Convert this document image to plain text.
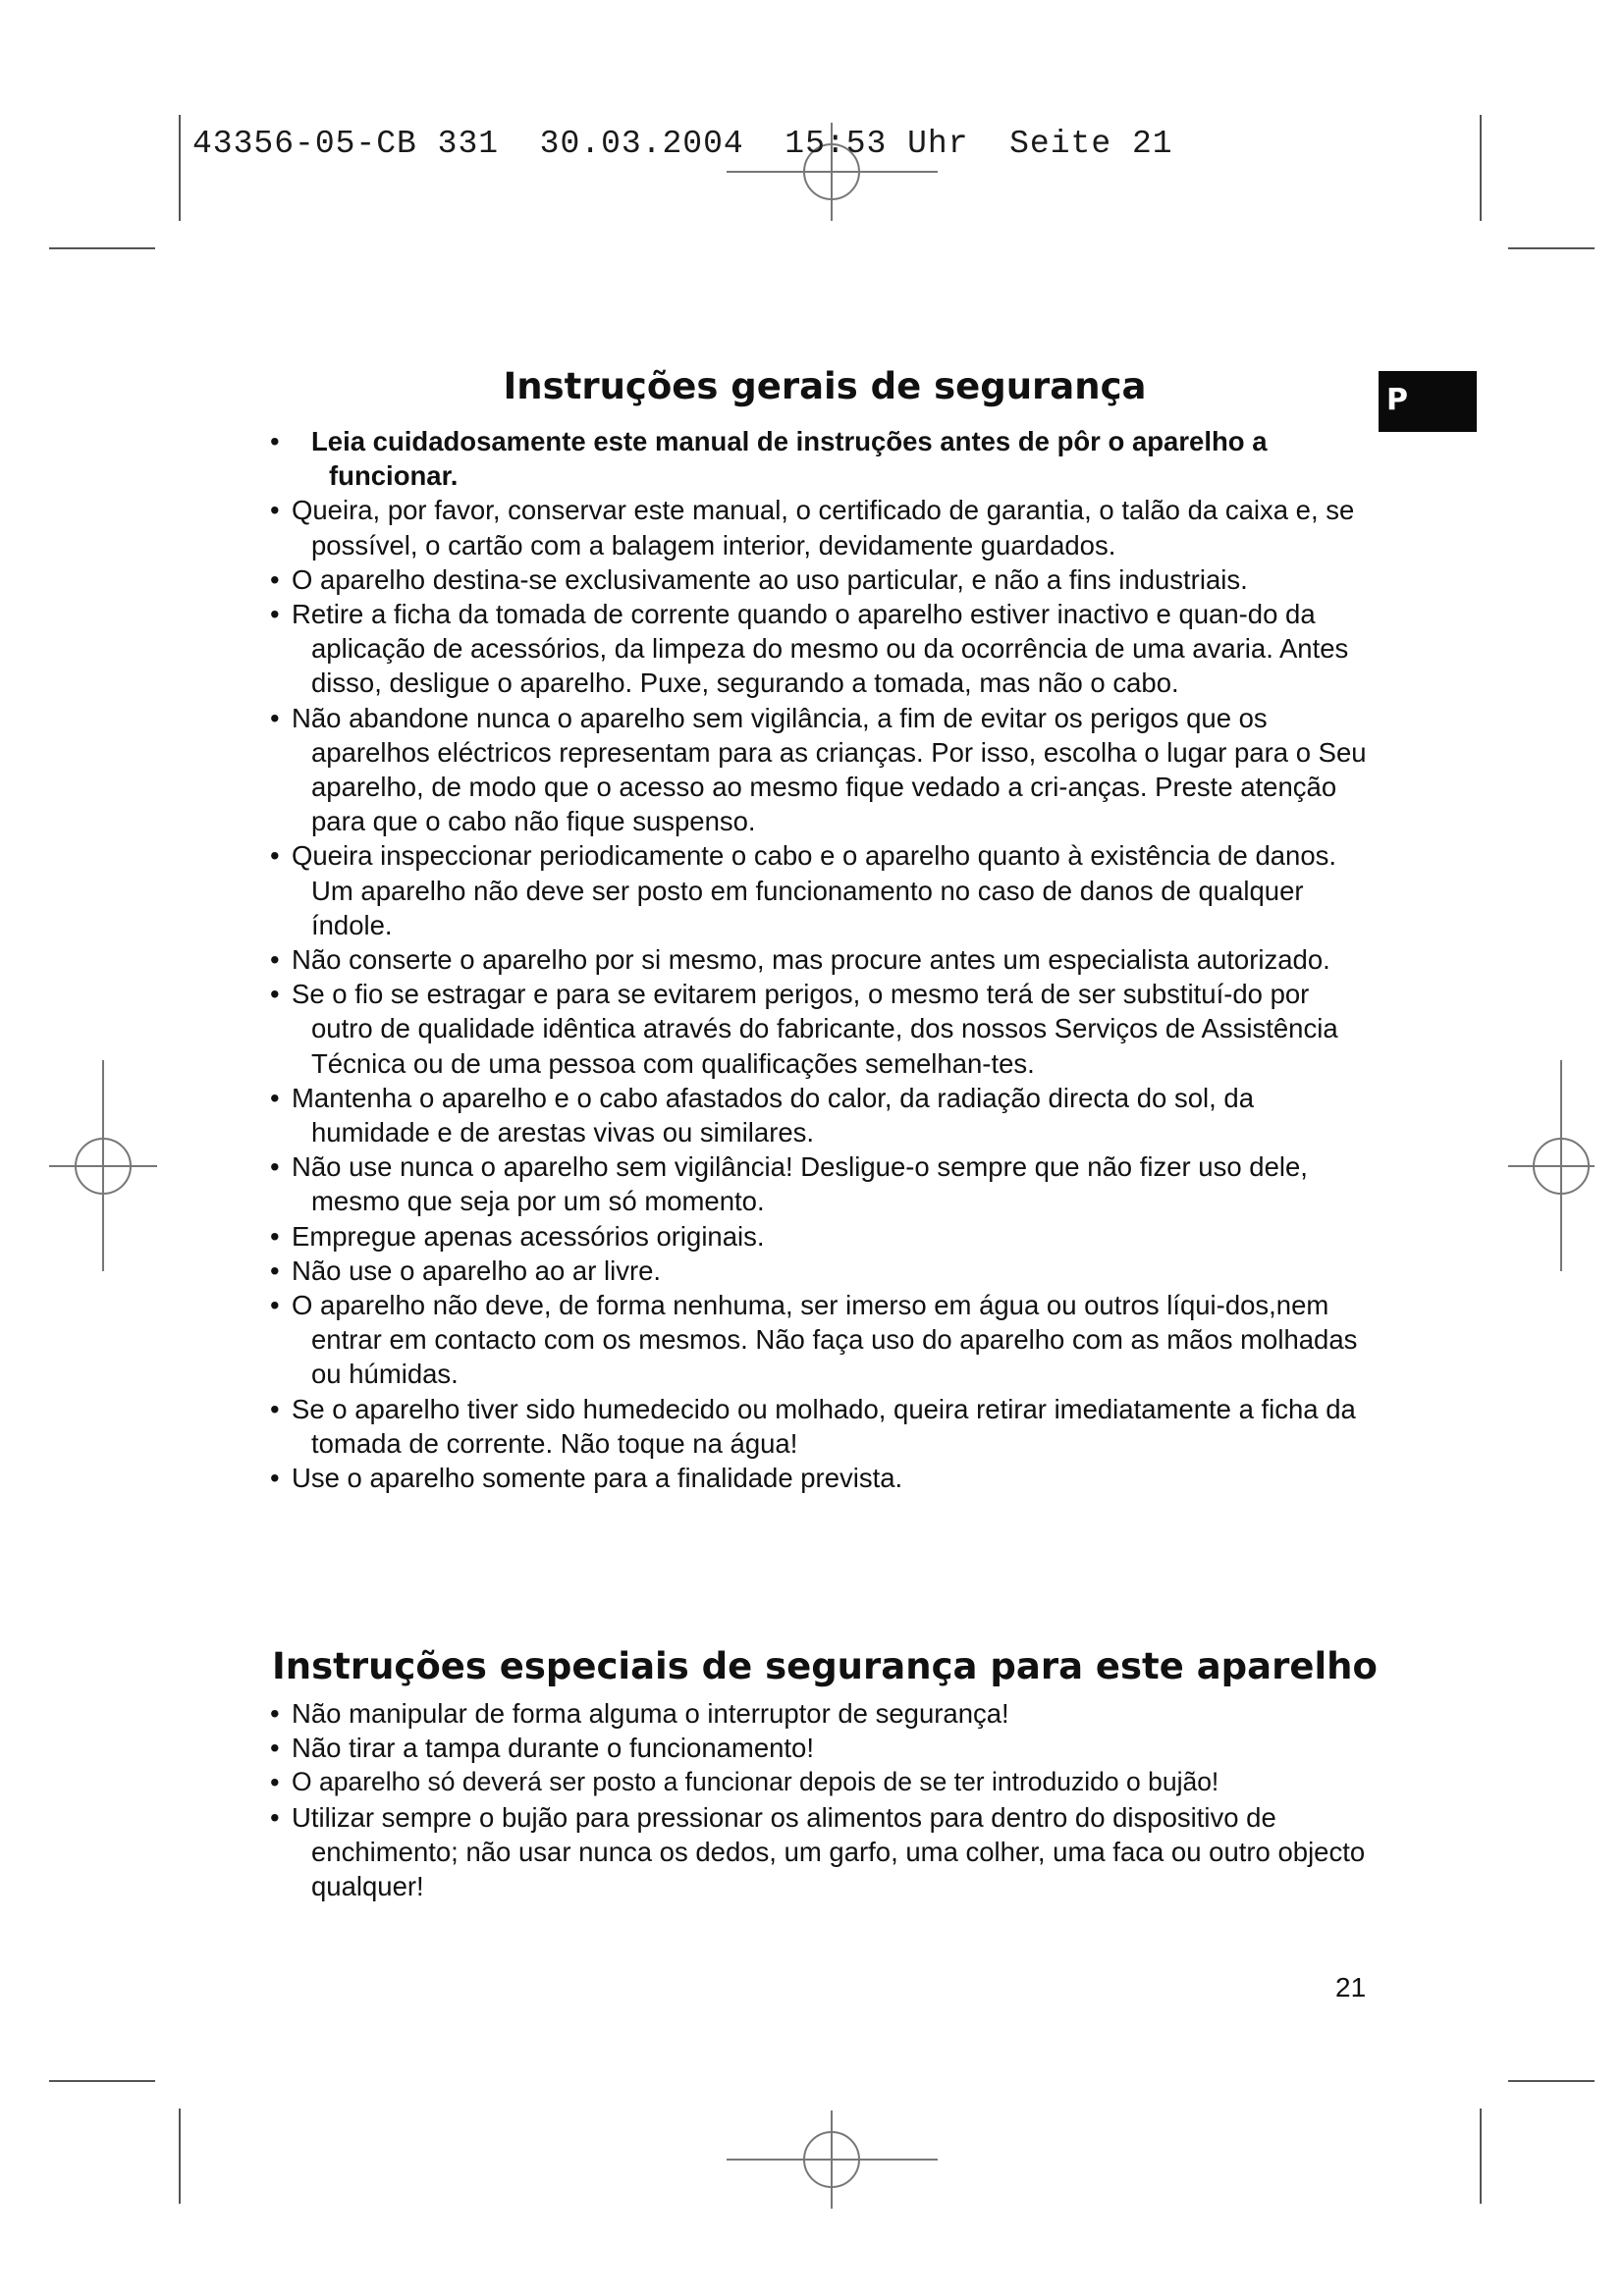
43356-05-CB 331  30.03.2004  15:53 Uhr  Seite 21
P
Instruções gerais de segurança
• Leia cuidadosamente este manual de instruções antes de pôr o aparelho a funcionar.
• Queira, por favor, conservar este manual, o certificado de garantia, o talão da caixa e, se possível, o cartão com a balagem interior, devidamente guardados.
• O aparelho destina-se exclusivamente ao uso particular, e não a fins industriais.
• Retire a ficha da tomada de corrente quando o aparelho estiver inactivo e quan-do da aplicação de acessórios, da limpeza do mesmo ou da ocorrência de uma avaria. Antes disso, desligue o aparelho. Puxe, segurando a tomada, mas não o cabo.
• Não abandone nunca o aparelho sem vigilância, a fim de evitar os perigos que os aparelhos eléctricos representam para as crianças. Por isso, escolha o lugar para o Seu aparelho, de modo que o acesso ao mesmo fique vedado a cri-anças. Preste atenção para que o cabo não fique suspenso.
• Queira inspeccionar periodicamente o cabo e o aparelho quanto à existência de danos. Um aparelho não deve ser posto em funcionamento no caso de danos de qualquer índole.
• Não conserte o aparelho por si mesmo, mas procure antes um especialista autorizado.
• Se o fio se estragar e para se evitarem perigos, o mesmo terá de ser substituí-do por outro de qualidade idêntica através do fabricante, dos nossos Serviços de Assistência Técnica ou de uma pessoa com qualificações semelhan-tes.
• Mantenha o aparelho e o cabo afastados do calor, da radiação directa do sol, da humidade e de arestas vivas ou similares.
• Não use nunca o aparelho sem vigilância! Desligue-o sempre que não fizer uso dele, mesmo que seja por um só momento.
• Empregue apenas acessórios originais.
• Não use o aparelho ao ar livre.
• O aparelho não deve, de forma nenhuma, ser imerso em água ou outros líqui-dos,nem entrar em contacto com os mesmos. Não faça uso do aparelho com as mãos molhadas ou húmidas.
• Se o aparelho tiver sido humedecido ou molhado, queira retirar imediatamente a ficha da tomada de corrente. Não toque na água!
• Use o aparelho somente para a finalidade prevista.
Instruções especiais de segurança para este aparelho
• Não manipular de forma alguma o interruptor de segurança!
• Não tirar a tampa durante o funcionamento!
• O aparelho só deverá ser posto a funcionar depois de se ter introduzido o bujão!
• Utilizar sempre o bujão para pressionar os alimentos para dentro do dispositivo de enchimento; não usar nunca os dedos, um garfo, uma colher, uma faca ou outro objecto qualquer!
21
